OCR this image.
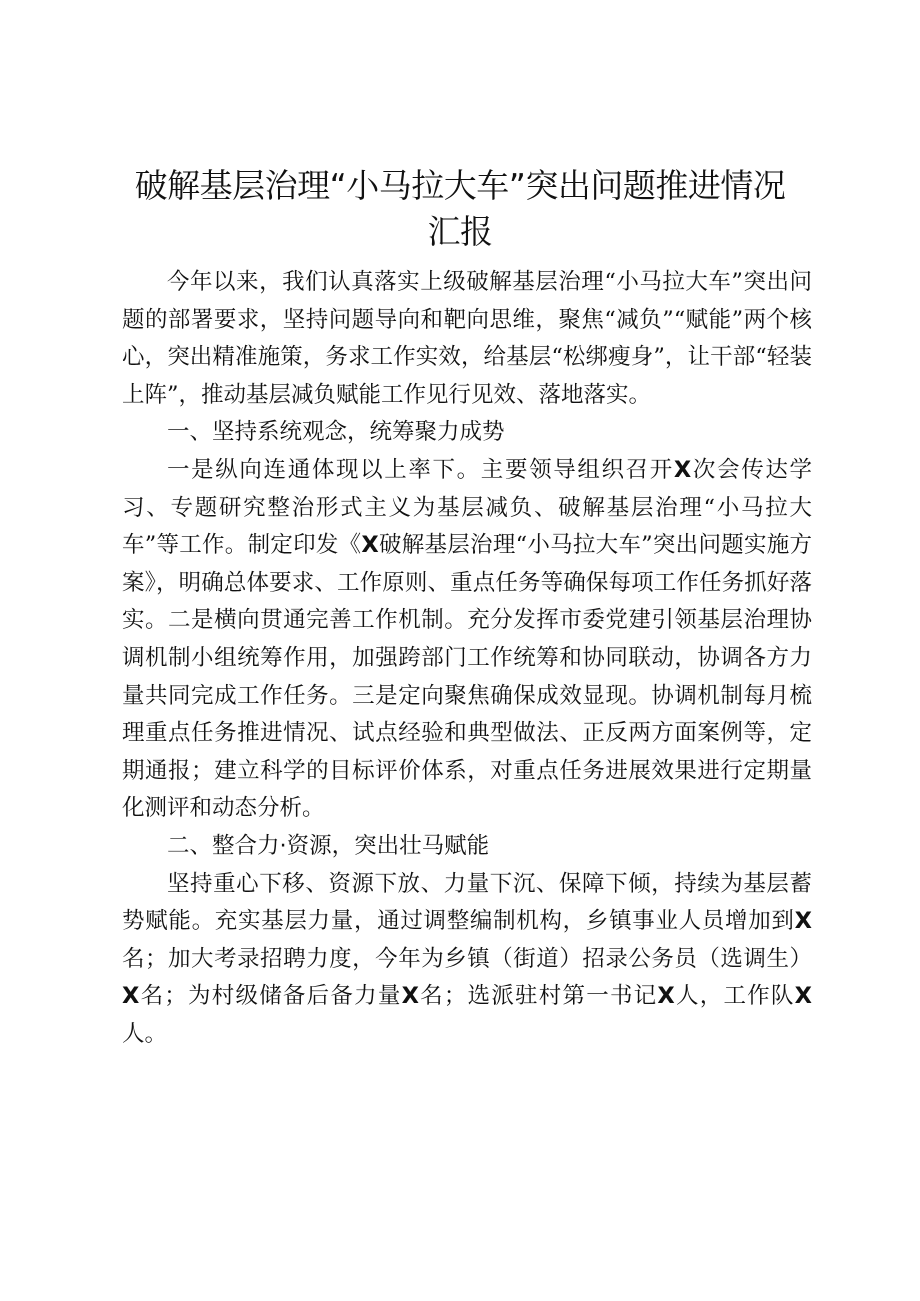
破解基层治理“小马拉大车”突出问题推进情况
汇报

今年以来，我们认真落实上级破解基层治理“小马拉大车”突出问题的部署要求，坚持问题导向和靶向思维，聚焦“减负”“赋能”两个核心，突出精准施策，务求工作实效，给基层“松绑瘦身”，让干部“轻装上阵”，推动基层减负赋能工作见行见效、落地落实。

一、坚持系统观念，统筹聚力成势

一是纵向连通体现以上率下。主要领导组织召开X次会传达学习、专题研究整治形式主义为基层减负、破解基层治理“小马拉大车”等工作。制定印发《X破解基层治理“小马拉大车”突出问题实施方案》，明确总体要求、工作原则、重点任务等确保每项工作任务抓好落实。二是横向贯通完善工作机制。充分发挥市委党建引领基层治理协调机制小组统筹作用，加强跨部门工作统筹和协同联动，协调各方力量共同完成工作任务。三是定向聚焦确保成效显现。协调机制每月梳理重点任务推进情况、试点经验和典型做法、正反两方面案例等，定期通报；建立科学的目标评价体系，对重点任务进展效果进行定期量化测评和动态分析。

二、整合力·资源，突出壮马赋能

坚持重心下移、资源下放、力量下沉、保障下倾，持续为基层蓄势赋能。充实基层力量，通过调整编制机构，乡镇事业人员增加到X名；加大考录招聘力度，今年为乡镇（街道）招录公务员（选调生）X名；为村级储备后备力量X名；选派驻村第一书记X人，工作队X人。
